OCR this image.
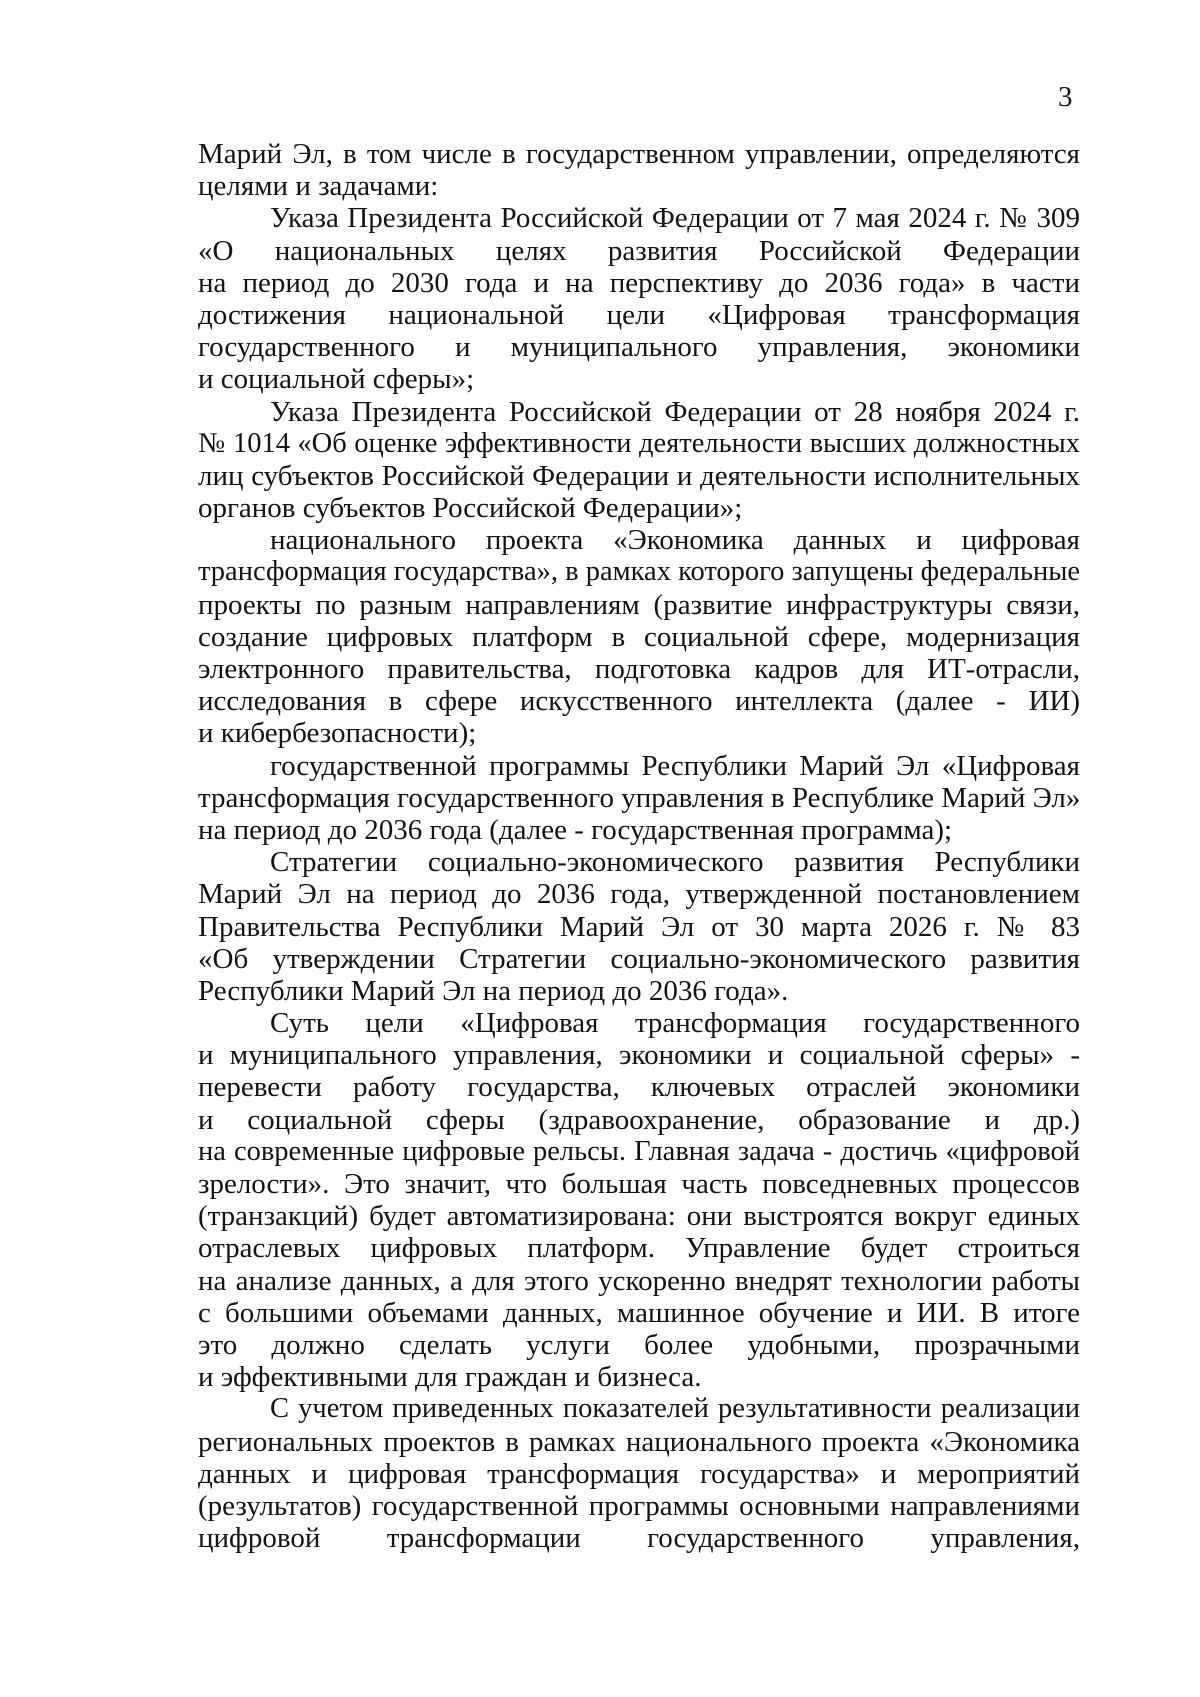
3
Марий Эл, в том числе в государственном управлении, определяются
целями и задачами:
Указа Президента Российской Федерации от 7 мая 2024 г. № 309
«О национальных целях развития Российской Федерации
на период до 2030 года и на перспективу до 2036 года» в части
достижения национальной цели «Цифровая трансформация
государственного и муниципального управления, экономики
и социальной сферы»;
Указа Президента Российской Федерации от 28 ноября 2024 г.
№ 1014 «Об оценке эффективности деятельности высших должностных
лиц субъектов Российской Федерации и деятельности исполнительных
органов субъектов Российской Федерации»;
национального проекта «Экономика данных и цифровая
трансформация государства», в рамках которого запущены федеральные
проекты по разным направлениям (развитие инфраструктуры связи,
создание цифровых платформ в социальной сфере, модернизация
электронного правительства, подготовка кадров для ИТ-отрасли,
исследования в сфере искусственного интеллекта (далее - ИИ)
и кибербезопасности);
государственной программы Республики Марий Эл «Цифровая
трансформация государственного управления в Республике Марий Эл»
на период до 2036 года (далее - государственная программа);
Стратегии социально-экономического развития Республики
Марий Эл на период до 2036 года, утвержденной постановлением
Правительства Республики Марий Эл от 30 марта 2026 г. № 83
«Об утверждении Стратегии социально-экономического развития
Республики Марий Эл на период до 2036 года».
Суть цели «Цифровая трансформация государственного
и муниципального управления, экономики и социальной сферы» -
перевести работу государства, ключевых отраслей экономики
и социальной сферы (здравоохранение, образование и др.)
на современные цифровые рельсы. Главная задача - достичь «цифровой
зрелости». Это значит, что большая часть повседневных процессов
(транзакций) будет автоматизирована: они выстроятся вокруг единых
отраслевых цифровых платформ. Управление будет строиться
на анализе данных, а для этого ускоренно внедрят технологии работы
с большими объемами данных, машинное обучение и ИИ. В итоге
это должно сделать услуги более удобными, прозрачными
и эффективными для граждан и бизнеса.
С учетом приведенных показателей результативности реализации
региональных проектов в рамках национального проекта «Экономика
данных и цифровая трансформация государства» и мероприятий
(результатов) государственной программы основными направлениями
цифровой трансформации государственного управления,
